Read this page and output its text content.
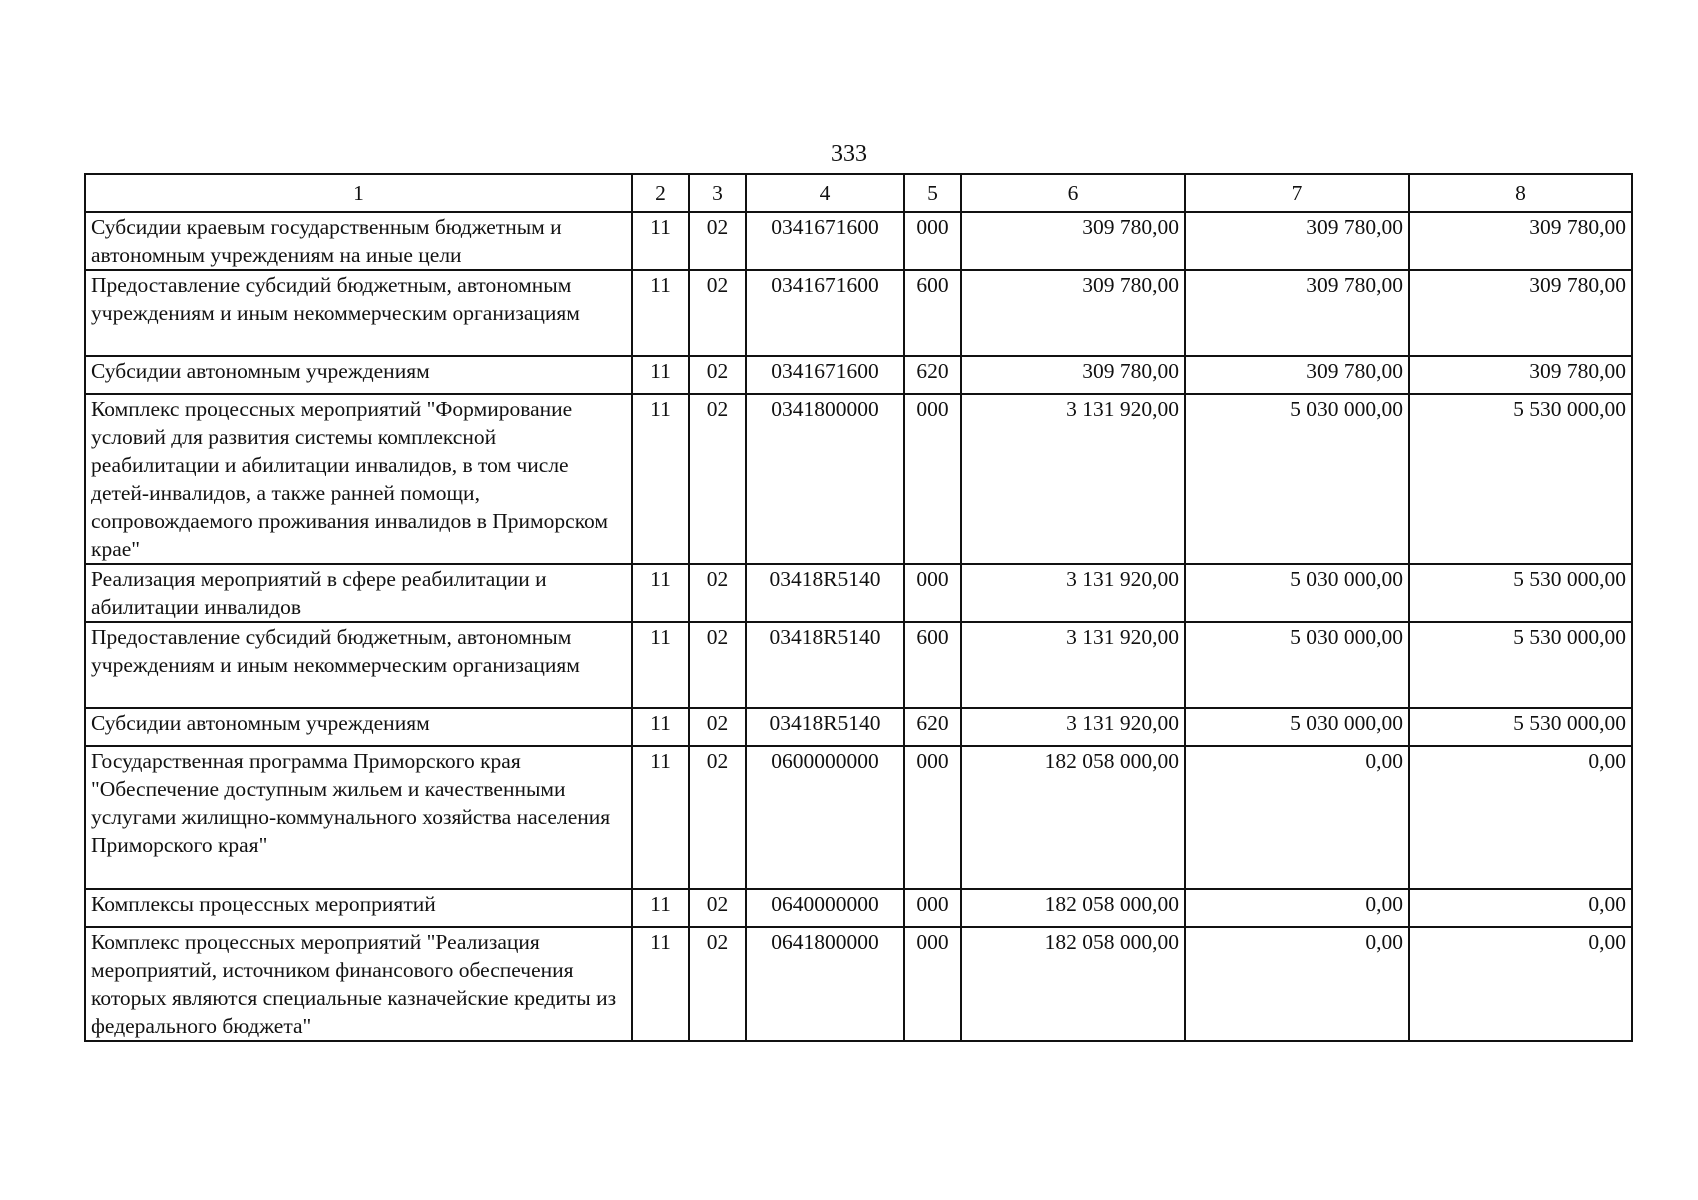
333
1	2	3	4	5	6	7	8
Субсидии краевым государственным бюджетным и автономным учреждениям на иные цели	11	02	0341671600	000	309 780,00	309 780,00	309 780,00
Предоставление субсидий бюджетным, автономным учреждениям и иным некоммерческим организациям	11	02	0341671600	600	309 780,00	309 780,00	309 780,00
Субсидии автономным учреждениям	11	02	0341671600	620	309 780,00	309 780,00	309 780,00
Комплекс процессных мероприятий "Формирование условий для развития системы комплексной реабилитации и абилитации инвалидов, в том числе детей-инвалидов, а также ранней помощи, сопровождаемого проживания инвалидов в Приморском крае"	11	02	0341800000	000	3 131 920,00	5 030 000,00	5 530 000,00
Реализация мероприятий в сфере реабилитации и абилитации инвалидов	11	02	03418R5140	000	3 131 920,00	5 030 000,00	5 530 000,00
Предоставление субсидий бюджетным, автономным учреждениям и иным некоммерческим организациям	11	02	03418R5140	600	3 131 920,00	5 030 000,00	5 530 000,00
Субсидии автономным учреждениям	11	02	03418R5140	620	3 131 920,00	5 030 000,00	5 530 000,00
Государственная программа Приморского края "Обеспечение доступным жильем и качественными услугами жилищно-коммунального хозяйства населения Приморского края"	11	02	0600000000	000	182 058 000,00	0,00	0,00
Комплексы процессных мероприятий	11	02	0640000000	000	182 058 000,00	0,00	0,00
Комплекс процессных мероприятий "Реализация мероприятий, источником финансового обеспечения которых являются специальные казначейские кредиты из федерального бюджета"	11	02	0641800000	000	182 058 000,00	0,00	0,00
